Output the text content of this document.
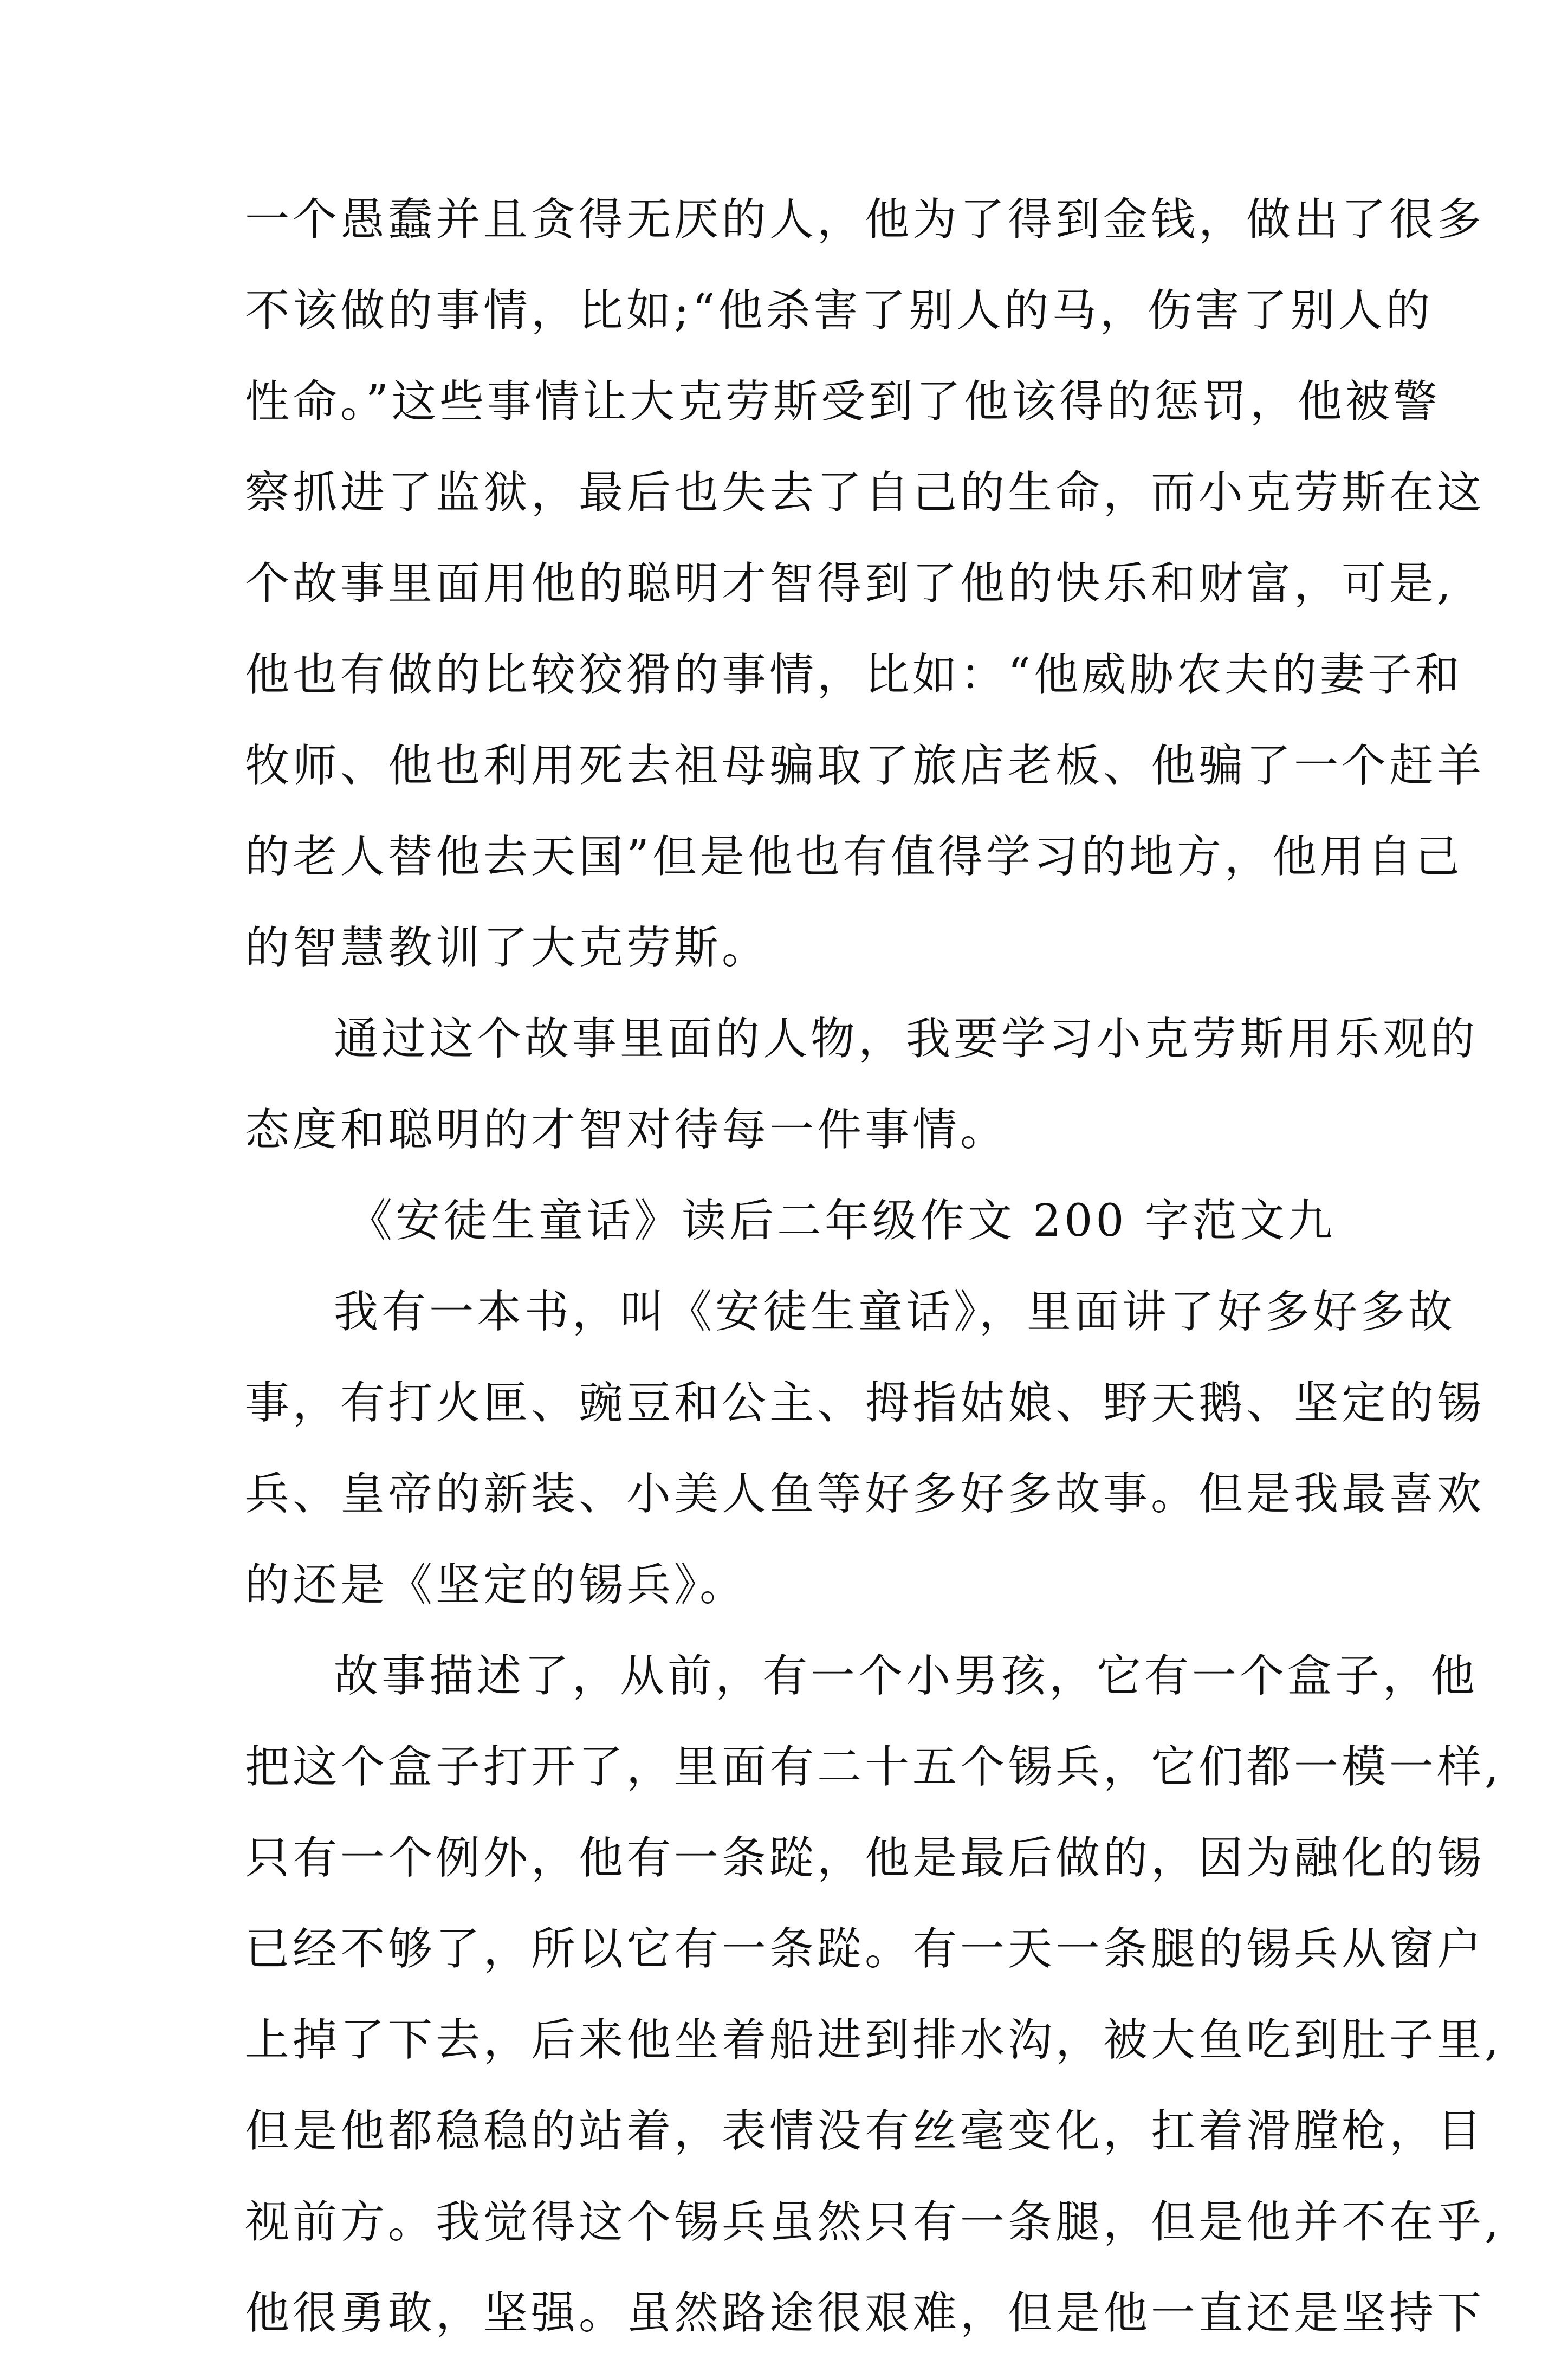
一个愚蠢并且贪得无厌的人，他为了得到金钱，做出了很多
不该做的事情，比如;“他杀害了别人的马，伤害了别人的
性命。”这些事情让大克劳斯受到了他该得的惩罚，他被警
察抓进了监狱，最后也失去了自己的生命，而小克劳斯在这
个故事里面用他的聪明才智得到了他的快乐和财富，可是,
他也有做的比较狡猾的事情，比如：“他威胁农夫的妻子和
牧师、他也利用死去祖母骗取了旅店老板、他骗了一个赶羊
的老人替他去天国”但是他也有值得学习的地方，他用自己
的智慧教训了大克劳斯。
通过这个故事里面的人物，我要学习小克劳斯用乐观的
态度和聪明的才智对待每一件事情。
《安徒生童话》读后二年级作文 200 字范文九
我有一本书，叫《安徒生童话》，里面讲了好多好多故
事，有打火匣、豌豆和公主、拇指姑娘、野天鹅、坚定的锡
兵、皇帝的新装、小美人鱼等好多好多故事。但是我最喜欢
的还是《坚定的锡兵》。
故事描述了，从前，有一个小男孩，它有一个盒子，他
把这个盒子打开了，里面有二十五个锡兵，它们都一模一样,
只有一个例外，他有一条踨，他是最后做的，因为融化的锡
已经不够了，所以它有一条踨。有一天一条腿的锡兵从窗户
上掉了下去，后来他坐着船进到排水沟，被大鱼吃到肚子里,
但是他都稳稳的站着，表情没有丝毫变化，扛着滑膛枪，目
视前方。我觉得这个锡兵虽然只有一条腿，但是他并不在乎,
他很勇敢，坚强。虽然路途很艰难，但是他一直还是坚持下
